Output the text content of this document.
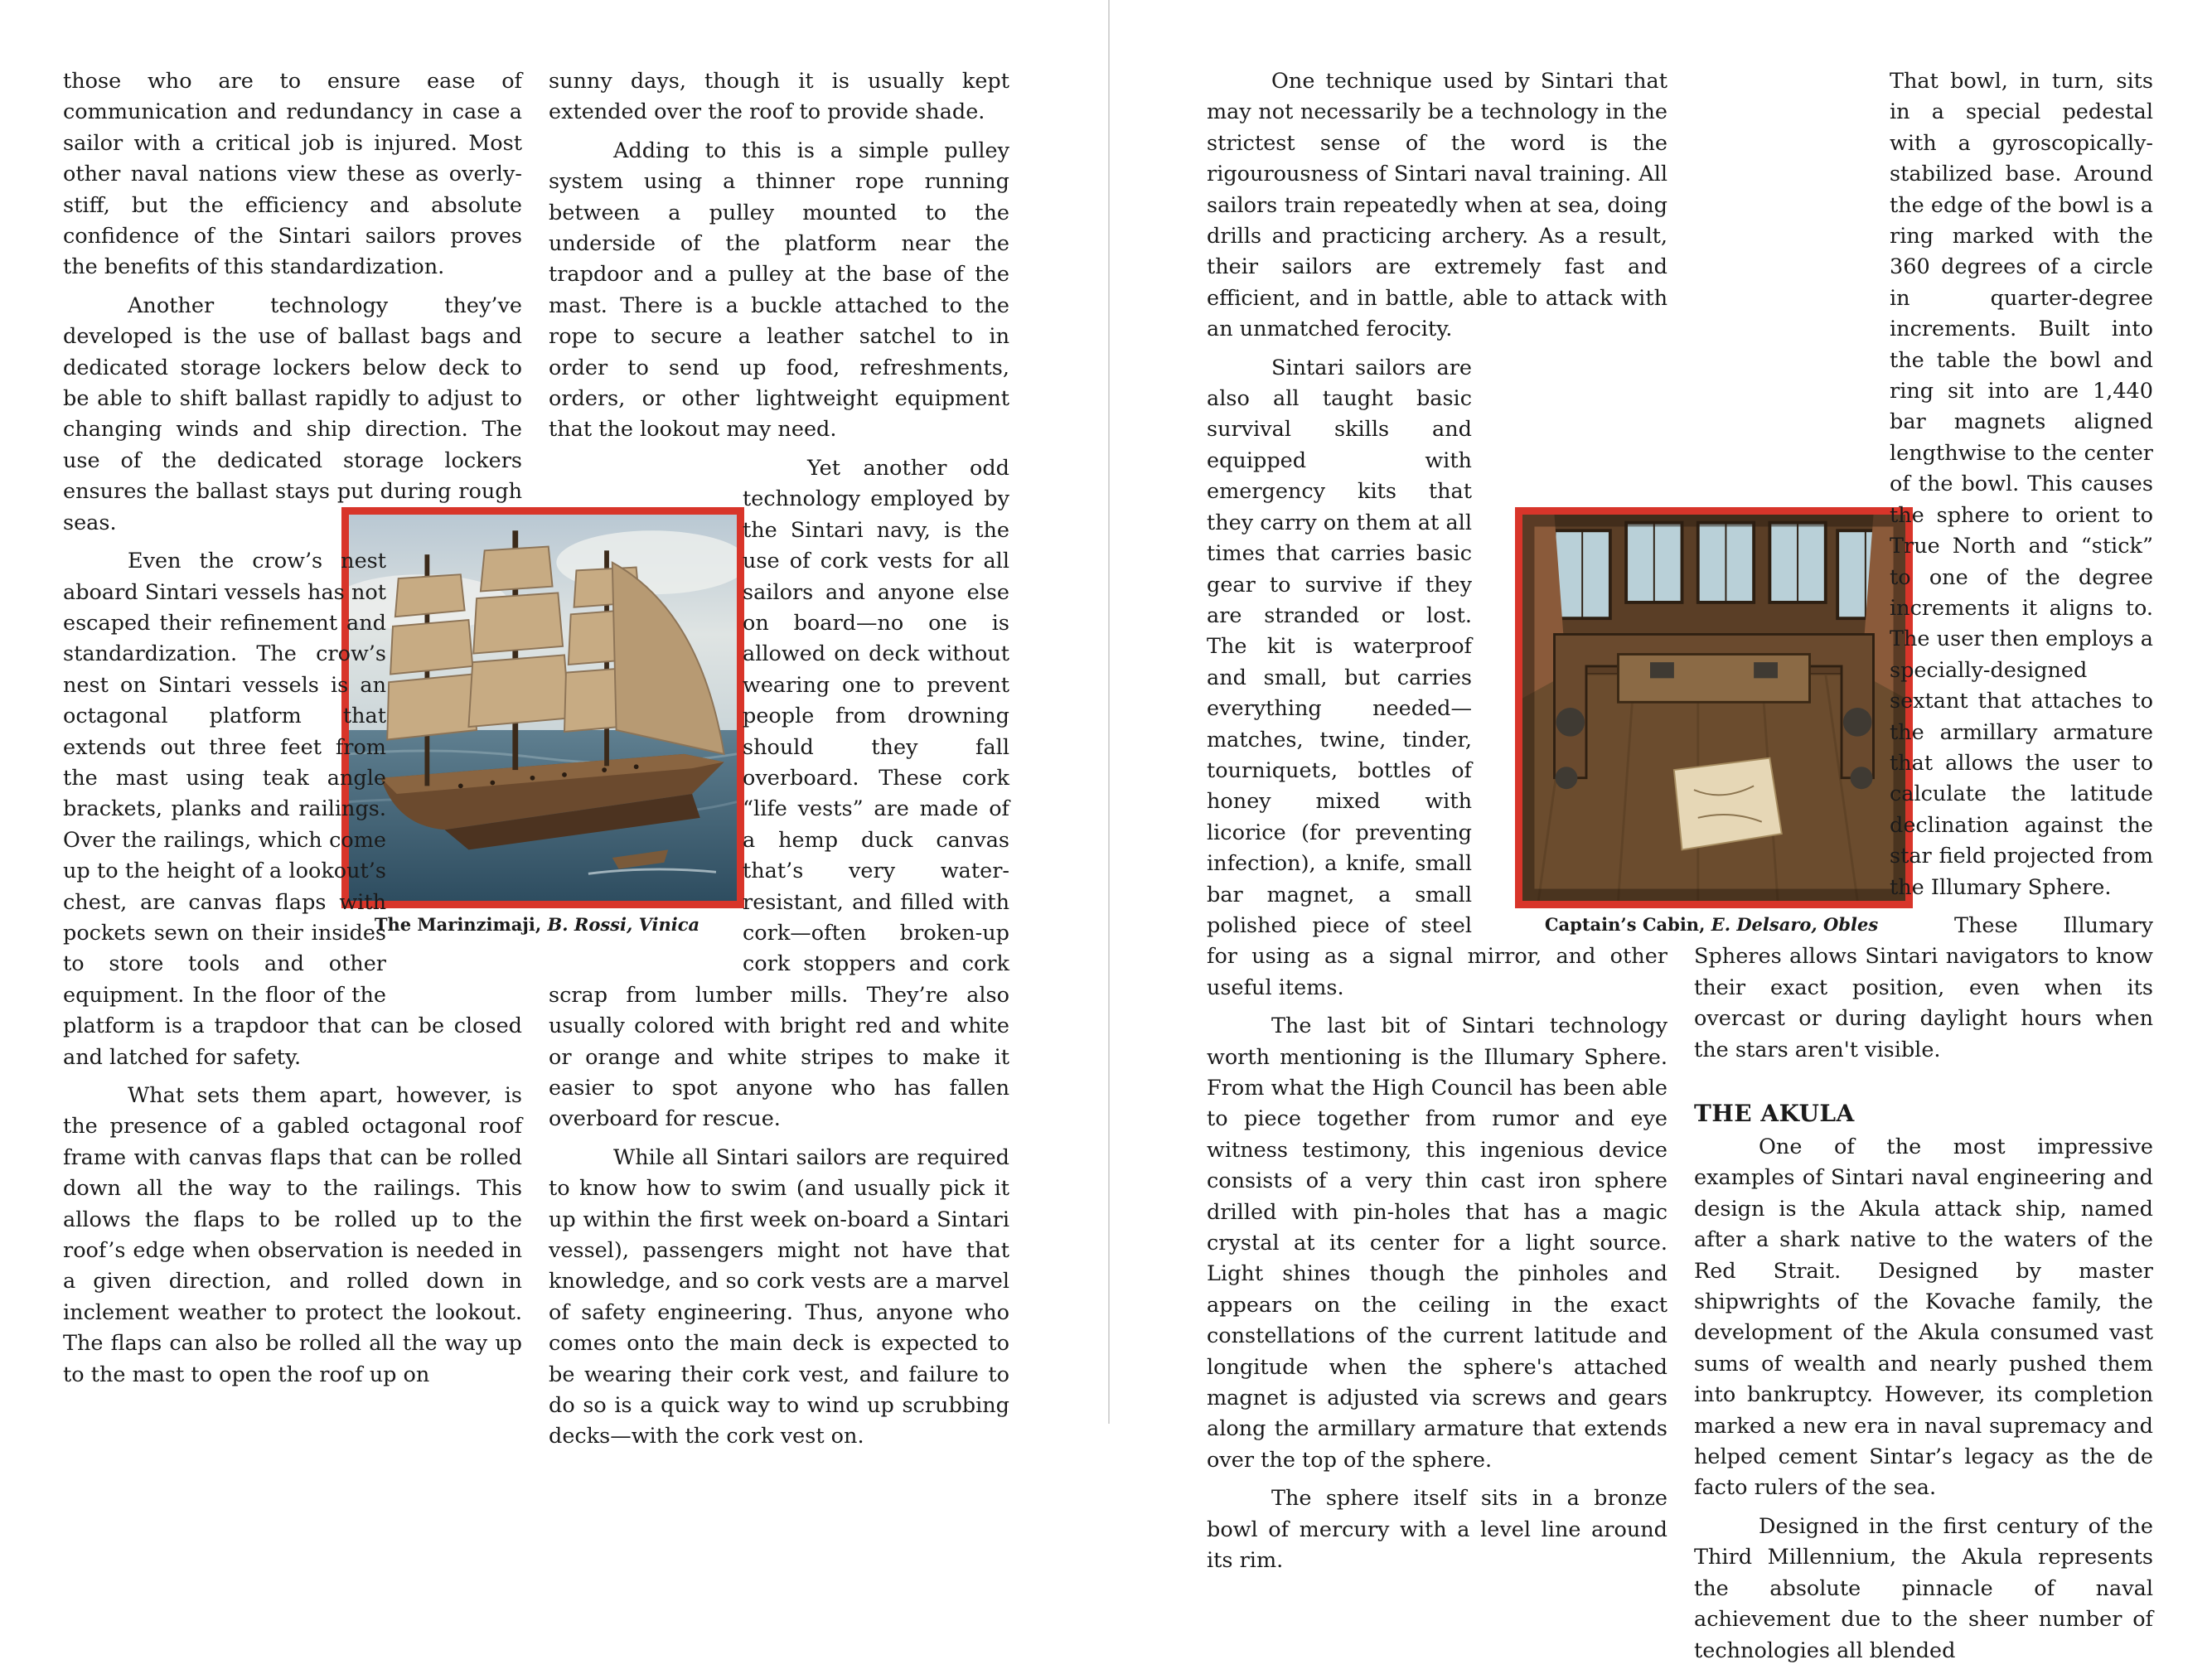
The Marinzimaji, B. Rossi, Vinica

those who are to ensure ease of communication and redundancy in case a sailor with a critical job is injured. Most other naval nations view these as overly-stiff, but the efficiency and absolute confidence of the Sintari sailors proves the benefits of this standardization.

Another technology they’ve developed is the use of ballast bags and dedicated storage lockers below deck to be able to shift ballast rapidly to adjust to changing winds and ship direction. The use of the dedicated storage lockers ensures the ballast stays put during rough seas.

Even the crow’s nest aboard Sintari vessels has not escaped their refinement and standardization. The crow’s nest on Sintari vessels is an octagonal platform that extends out three feet from the mast using teak angle brackets, planks and railings. Over the railings, which come up to the height of a lookout’s chest, are canvas flaps with pockets sewn on their insides to store tools and other equipment. In the floor of the platform is a trapdoor that can be closed and latched for safety.

What sets them apart, however, is the presence of a gabled octagonal roof frame with canvas flaps that can be rolled down all the way to the railings. This allows the flaps to be rolled up to the roof’s edge when observation is needed in a given direction, and rolled down in inclement weather to protect the lookout. The flaps can also be rolled all the way up to the mast to open the roof up on

sunny days, though it is usually kept extended over the roof to provide shade.

Adding to this is a simple pulley system using a thinner rope running between a pulley mounted to the underside of the platform near the trapdoor and a pulley at the base of the mast. There is a buckle attached to the rope to secure a leather satchel to in order to send up food, refreshments, orders, or other lightweight equipment that the lookout may need.

Yet another odd technology employed by the Sintari navy, is the use of cork vests for all sailors and anyone else on board—no one is allowed on deck without wearing one to prevent people from drowning should they fall overboard. These cork “life vests” are made of a hemp duck canvas that’s very water-resistant, and filled with cork—often broken-up cork stoppers and cork scrap from lumber mills. They’re also usually colored with bright red and white or orange and white stripes to make it easier to spot anyone who has fallen overboard for rescue.

While all Sintari sailors are required to know how to swim (and usually pick it up within the first week on-board a Sintari vessel), passengers might not have that knowledge, and so cork vests are a marvel of safety engineering. Thus, anyone who comes onto the main deck is expected to be wearing their cork vest, and failure to do so is a quick way to wind up scrubbing decks—with the cork vest on.

Captain’s Cabin, E. Delsaro, Obles

One technique used by Sintari that may not necessarily be a technology in the strictest sense of the word is the rigourousness of Sintari naval training. All sailors train repeatedly when at sea, doing drills and practicing archery. As a result, their sailors are extremely fast and efficient, and in battle, able to attack with an unmatched ferocity.

Sintari sailors are also all taught basic survival skills and equipped with emergency kits that they carry on them at all times that carries basic gear to survive if they are stranded or lost. The kit is waterproof and small, but carries everything needed—matches, twine, tinder, tourniquets, bottles of honey mixed with licorice (for preventing infection), a knife, small bar magnet, a small polished piece of steel for using as a signal mirror, and other useful items.

The last bit of Sintari technology worth mentioning is the Illumary Sphere. From what the High Council has been able to piece together from rumor and eye witness testimony, this ingenious device consists of a very thin cast iron sphere drilled with pin-holes that has a magic crystal at its center for a light source. Light shines though the pinholes and appears on the ceiling in the exact constellations of the current latitude and longitude when the sphere's attached magnet is adjusted via screws and gears along the armillary armature that extends over the top of the sphere.

The sphere itself sits in a bronze bowl of mercury with a level line around its rim.

That bowl, in turn, sits in a special pedestal with a gyroscopically-stabilized base. Around the edge of the bowl is a ring marked with the 360 degrees of a circle in quarter-degree increments. Built into the table the bowl and ring sit into are 1,440 bar magnets aligned lengthwise to the center of the bowl. This causes the sphere to orient to True North and “stick” to one of the degree increments it aligns to. The user then employs a specially-designed sextant that attaches to the armillary armature that allows the user to calculate the latitude declination against the star field projected from the Illumary Sphere.

These Illumary Spheres allows Sintari navigators to know their exact position, even when its overcast or during daylight hours when the stars aren't visible.

THE AKULA

One of the most impressive examples of Sintari naval engineering and design is the Akula attack ship, named after a shark native to the waters of the Red Strait. Designed by master shipwrights of the Kovache family, the development of the Akula consumed vast sums of wealth and nearly pushed them into bankruptcy. However, its completion marked a new era in naval supremacy and helped cement Sintar’s legacy as the de facto rulers of the sea.

Designed in the first century of the Third Millennium, the Akula represents the absolute pinnacle of naval achievement due to the sheer number of technologies all blended
